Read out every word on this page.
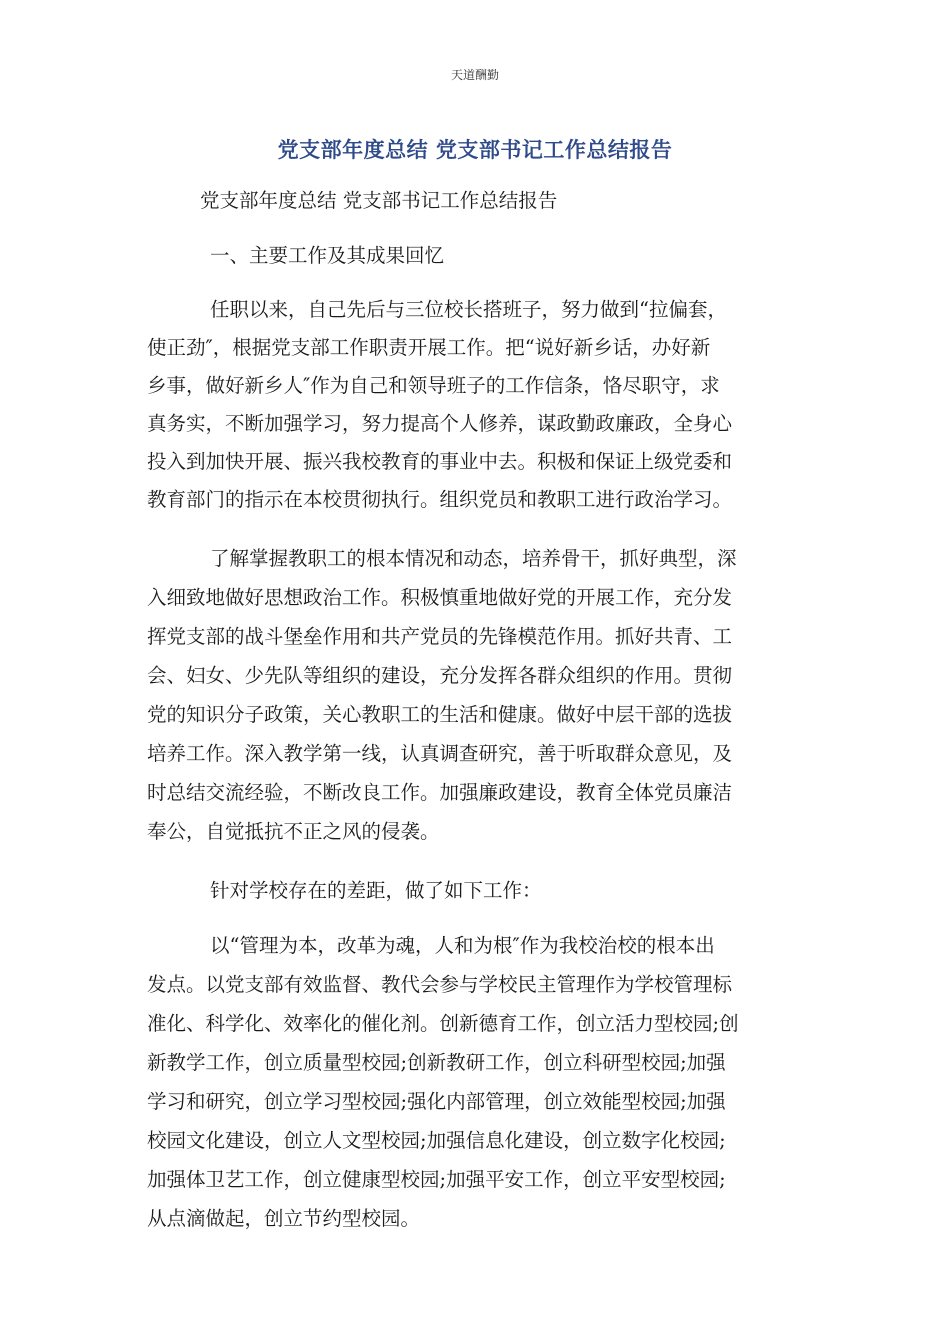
天道酬勤
党支部年度总结 党支部书记工作总结报告
党支部年度总结 党支部书记工作总结报告
一、主要工作及其成果回忆
任职以来，自己先后与三位校长搭班子，努力做到“拉偏套，
使正劲″，根据党支部工作职责开展工作。把“说好新乡话，办好新
乡事，做好新乡人″作为自己和领导班子的工作信条，恪尽职守，求
真务实，不断加强学习，努力提高个人修养，谋政勤政廉政，全身心
投入到加快开展、振兴我校教育的事业中去。积极和保证上级党委和
教育部门的指示在本校贯彻执行。组织党员和教职工进行政治学习。
了解掌握教职工的根本情况和动态，培养骨干，抓好典型，深
入细致地做好思想政治工作。积极慎重地做好党的开展工作，充分发
挥党支部的战斗堡垒作用和共产党员的先锋模范作用。抓好共青、工
会、妇女、少先队等组织的建设，充分发挥各群众组织的作用。贯彻
党的知识分子政策，关心教职工的生活和健康。做好中层干部的选拔
培养工作。深入教学第一线，认真调查研究，善于听取群众意见，及
时总结交流经验，不断改良工作。加强廉政建设，教育全体党员廉洁
奉公，自觉抵抗不正之风的侵袭。
针对学校存在的差距，做了如下工作：
以“管理为本，改革为魂，人和为根″作为我校治校的根本出
发点。以党支部有效监督、教代会参与学校民主管理作为学校管理标
准化、科学化、效率化的催化剂。创新德育工作，创立活力型校园;创
新教学工作，创立质量型校园;创新教研工作，创立科研型校园;加强
学习和研究，创立学习型校园;强化内部管理，创立效能型校园;加强
校园文化建设，创立人文型校园;加强信息化建设，创立数字化校园;
加强体卫艺工作，创立健康型校园;加强平安工作，创立平安型校园;
从点滴做起，创立节约型校园。
